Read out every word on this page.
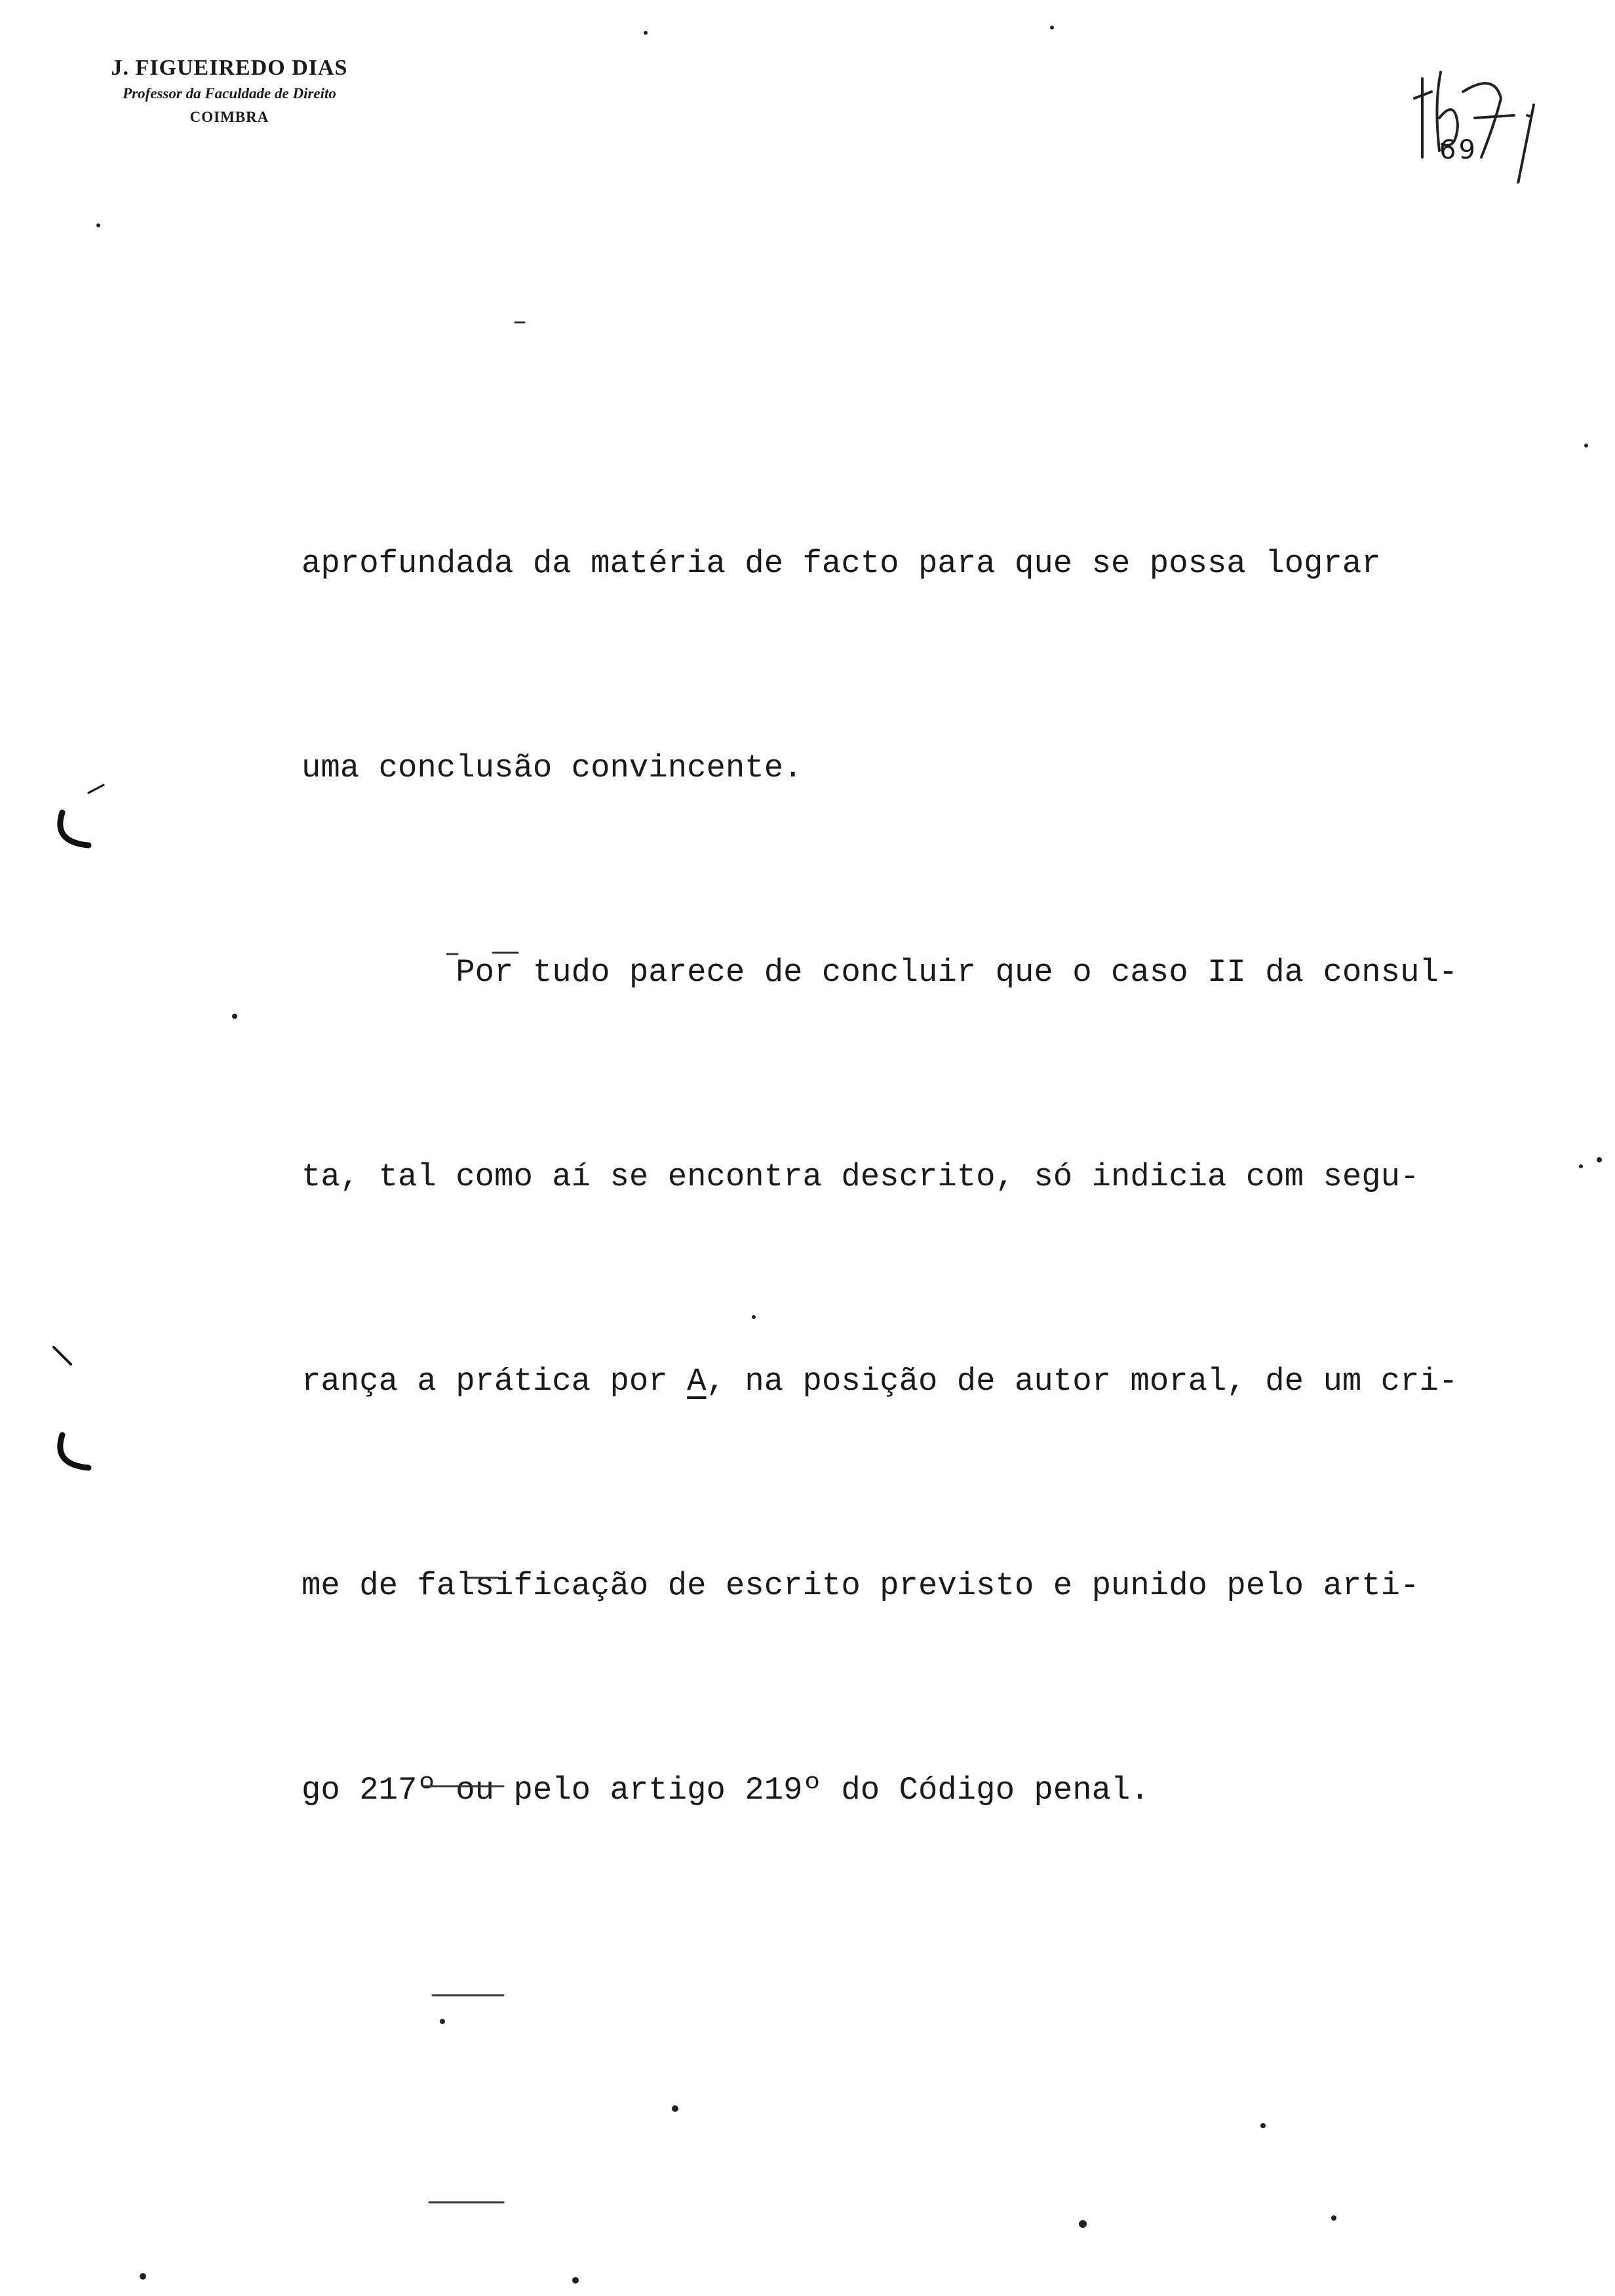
J. FIGUEIREDO DIAS
Professor da Faculdade de Direito
COIMBRA
69

aprofundada da matéria de facto para que se possa lograr

uma conclusão convincente.

Por tudo parece de concluir que o caso II da consul-

ta, tal como aí se encontra descrito, só indicia com segu-

rança a prática por A, na posição de autor moral, de um cri-

me de falsificação de escrito previsto e punido pelo arti-

go 217º ou pelo artigo 219º do Código penal.
